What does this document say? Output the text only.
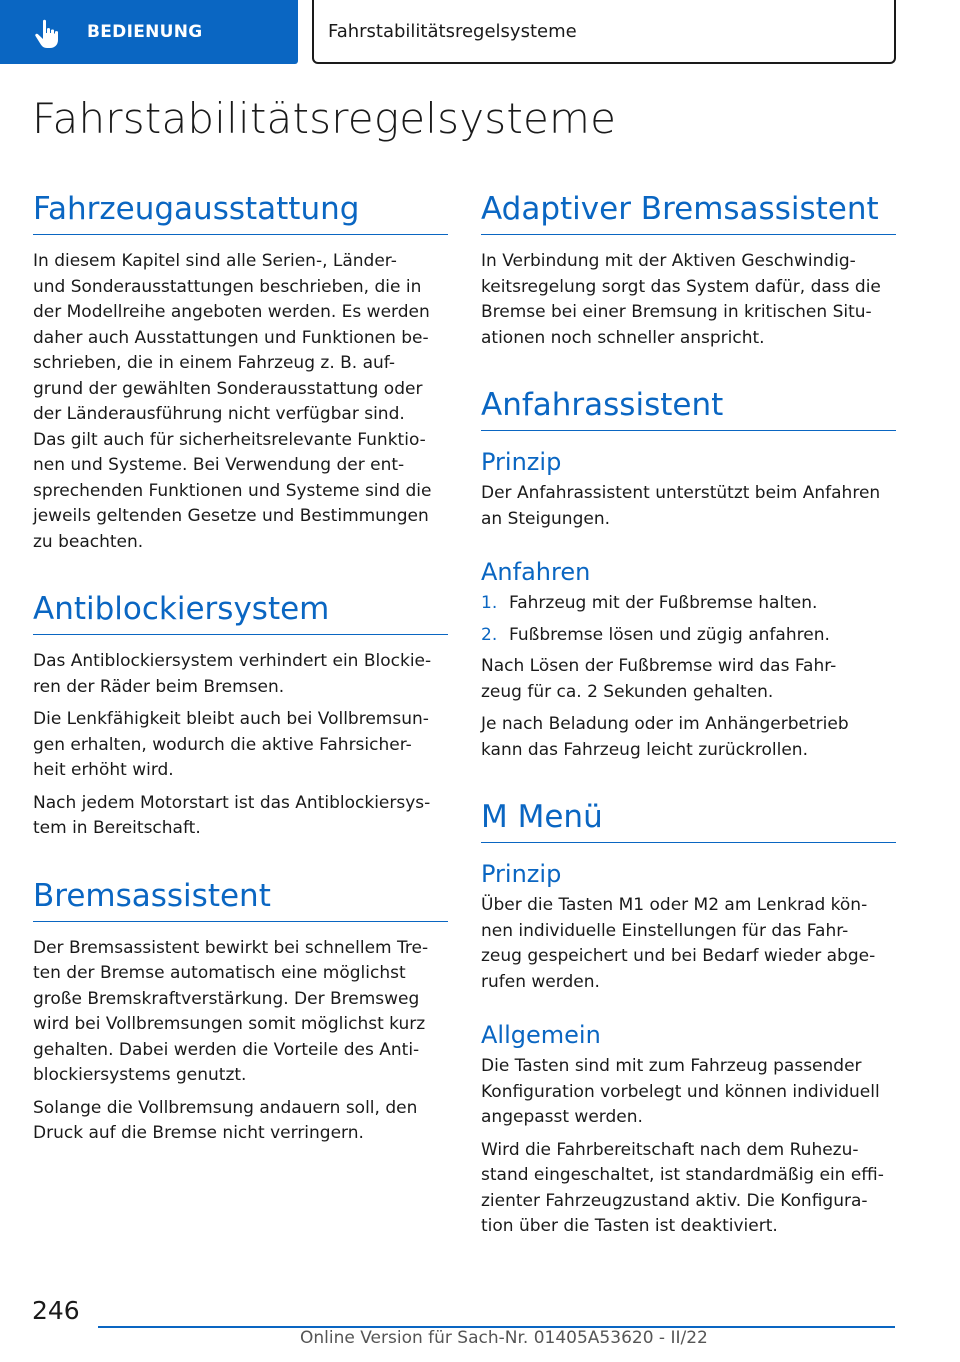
BEDIENUNG	Fahrstabilitätsregelsysteme
Fahrstabilitätsregelsysteme
Fahrzeugausstattung

In diesem Kapitel sind alle Serien-, Länder-
und Sonderausstattungen beschrieben, die in
der Modellreihe angeboten werden. Es werden
daher auch Ausstattungen und Funktionen be-
schrieben, die in einem Fahrzeug z. B. auf-
grund der gewählten Sonderausstattung oder
der Länderausführung nicht verfügbar sind.
Das gilt auch für sicherheitsrelevante Funktio-
nen und Systeme. Bei Verwendung der ent-
sprechenden Funktionen und Systeme sind die
jeweils geltenden Gesetze und Bestimmungen
zu beachten.

Antiblockiersystem

Das Antiblockiersystem verhindert ein Blockie-
ren der Räder beim Bremsen.

Die Lenkfähigkeit bleibt auch bei Vollbremsun-
gen erhalten, wodurch die aktive Fahrsicher-
heit erhöht wird.

Nach jedem Motorstart ist das Antiblockiersys-
tem in Bereitschaft.

Bremsassistent

Der Bremsassistent bewirkt bei schnellem Tre-
ten der Bremse automatisch eine möglichst
große Bremskraftverstärkung. Der Bremsweg
wird bei Vollbremsungen somit möglichst kurz
gehalten. Dabei werden die Vorteile des Anti-
blockiersystems genutzt.

Solange die Vollbremsung andauern soll, den
Druck auf die Bremse nicht verringern.

Adaptiver Bremsassistent

In Verbindung mit der Aktiven Geschwindig-
keitsregelung sorgt das System dafür, dass die
Bremse bei einer Bremsung in kritischen Situ-
ationen noch schneller anspricht.

Anfahrassistent
Prinzip

Der Anfahrassistent unterstützt beim Anfahren
an Steigungen.

Anfahren
1. Fahrzeug mit der Fußbremse halten.
2. Fußbremse lösen und zügig anfahren.

Nach Lösen der Fußbremse wird das Fahr-
zeug für ca. 2 Sekunden gehalten.

Je nach Beladung oder im Anhängerbetrieb
kann das Fahrzeug leicht zurückrollen.

M Menü
Prinzip

Über die Tasten M1 oder M2 am Lenkrad kön-
nen individuelle Einstellungen für das Fahr-
zeug gespeichert und bei Bedarf wieder abge-
rufen werden.

Allgemein

Die Tasten sind mit zum Fahrzeug passender
Konfiguration vorbelegt und können individuell
angepasst werden.

Wird die Fahrbereitschaft nach dem Ruhezu-
stand eingeschaltet, ist standardmäßig ein effi-
zienter Fahrzeugzustand aktiv. Die Konfigura-
tion über die Tasten ist deaktiviert.

246
Online Version für Sach-Nr. 01405A53620 - II/22
